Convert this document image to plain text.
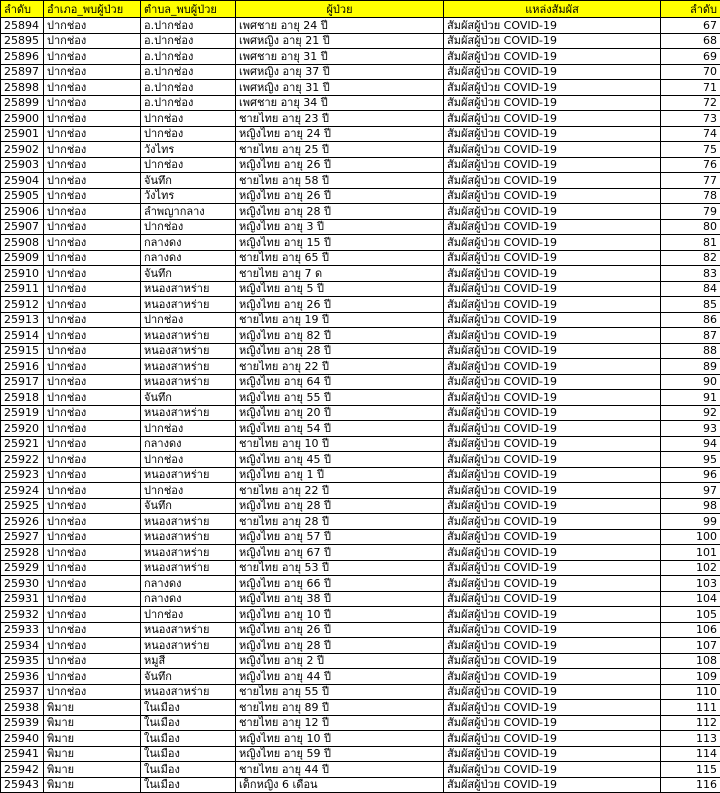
ลำดับ	อำเภอ_พบผู้ป่วย	ตำบล_พบผู้ป่วย	ผู้ป่วย	แหล่งสัมผัส	ลำดับ
25894	ปากช่อง	อ.ปากช่อง	เพศชาย อายุ 24 ปี	สัมผัสผู้ป่วย COVID-19	67
25895	ปากช่อง	อ.ปากช่อง	เพศหญิง อายุ 21 ปี	สัมผัสผู้ป่วย COVID-19	68
25896	ปากช่อง	อ.ปากช่อง	เพศชาย อายุ 31 ปี	สัมผัสผู้ป่วย COVID-19	69
25897	ปากช่อง	อ.ปากช่อง	เพศหญิง อายุ 37 ปี	สัมผัสผู้ป่วย COVID-19	70
25898	ปากช่อง	อ.ปากช่อง	เพศหญิง อายุ 31 ปี	สัมผัสผู้ป่วย COVID-19	71
25899	ปากช่อง	อ.ปากช่อง	เพศชาย อายุ 34 ปี	สัมผัสผู้ป่วย COVID-19	72
25900	ปากช่อง	ปากช่อง	ชายไทย อายุ 23 ปี	สัมผัสผู้ป่วย COVID-19	73
25901	ปากช่อง	ปากช่อง	หญิงไทย อายุ 24 ปี	สัมผัสผู้ป่วย COVID-19	74
25902	ปากช่อง	วังไทร	ชายไทย อายุ 25 ปี	สัมผัสผู้ป่วย COVID-19	75
25903	ปากช่อง	ปากช่อง	หญิงไทย อายุ 26 ปี	สัมผัสผู้ป่วย COVID-19	76
25904	ปากช่อง	จันทึก	ชายไทย อายุ 58 ปี	สัมผัสผู้ป่วย COVID-19	77
25905	ปากช่อง	วังไทร	หญิงไทย อายุ 26 ปี	สัมผัสผู้ป่วย COVID-19	78
25906	ปากช่อง	ลำพญากลาง	หญิงไทย อายุ 28 ปี	สัมผัสผู้ป่วย COVID-19	79
25907	ปากช่อง	ปากช่อง	หญิงไทย อายุ 3 ปี	สัมผัสผู้ป่วย COVID-19	80
25908	ปากช่อง	กลางดง	หญิงไทย อายุ 15 ปี	สัมผัสผู้ป่วย COVID-19	81
25909	ปากช่อง	กลางดง	ชายไทย อายุ 65 ปี	สัมผัสผู้ป่วย COVID-19	82
25910	ปากช่อง	จันทึก	ชายไทย อายุ 7 ด	สัมผัสผู้ป่วย COVID-19	83
25911	ปากช่อง	หนองสาหร่าย	หญิงไทย อายุ 5 ปี	สัมผัสผู้ป่วย COVID-19	84
25912	ปากช่อง	หนองสาหร่าย	หญิงไทย อายุ 26 ปี	สัมผัสผู้ป่วย COVID-19	85
25913	ปากช่อง	ปากช่อง	ชายไทย อายุ 19 ปี	สัมผัสผู้ป่วย COVID-19	86
25914	ปากช่อง	หนองสาหร่าย	หญิงไทย อายุ 82 ปี	สัมผัสผู้ป่วย COVID-19	87
25915	ปากช่อง	หนองสาหร่าย	หญิงไทย อายุ 28 ปี	สัมผัสผู้ป่วย COVID-19	88
25916	ปากช่อง	หนองสาหร่าย	ชายไทย อายุ 22 ปี	สัมผัสผู้ป่วย COVID-19	89
25917	ปากช่อง	หนองสาหร่าย	หญิงไทย อายุ 64 ปี	สัมผัสผู้ป่วย COVID-19	90
25918	ปากช่อง	จันทึก	หญิงไทย อายุ 55 ปี	สัมผัสผู้ป่วย COVID-19	91
25919	ปากช่อง	หนองสาหร่าย	หญิงไทย อายุ 20 ปี	สัมผัสผู้ป่วย COVID-19	92
25920	ปากช่อง	ปากช่อง	หญิงไทย อายุ 54 ปี	สัมผัสผู้ป่วย COVID-19	93
25921	ปากช่อง	กลางดง	ชายไทย อายุ 10 ปี	สัมผัสผู้ป่วย COVID-19	94
25922	ปากช่อง	ปากช่อง	หญิงไทย อายุ 45 ปี	สัมผัสผู้ป่วย COVID-19	95
25923	ปากช่อง	หนองสาหร่าย	หญิงไทย อายุ 1 ปี	สัมผัสผู้ป่วย COVID-19	96
25924	ปากช่อง	ปากช่อง	ชายไทย อายุ 22 ปี	สัมผัสผู้ป่วย COVID-19	97
25925	ปากช่อง	จันทึก	หญิงไทย อายุ 28 ปี	สัมผัสผู้ป่วย COVID-19	98
25926	ปากช่อง	หนองสาหร่าย	ชายไทย อายุ 28 ปี	สัมผัสผู้ป่วย COVID-19	99
25927	ปากช่อง	หนองสาหร่าย	หญิงไทย อายุ 57 ปี	สัมผัสผู้ป่วย COVID-19	100
25928	ปากช่อง	หนองสาหร่าย	หญิงไทย อายุ 67 ปี	สัมผัสผู้ป่วย COVID-19	101
25929	ปากช่อง	หนองสาหร่าย	ชายไทย อายุ 53 ปี	สัมผัสผู้ป่วย COVID-19	102
25930	ปากช่อง	กลางดง	หญิงไทย อายุ 66 ปี	สัมผัสผู้ป่วย COVID-19	103
25931	ปากช่อง	กลางดง	หญิงไทย อายุ 38 ปี	สัมผัสผู้ป่วย COVID-19	104
25932	ปากช่อง	ปากช่อง	หญิงไทย อายุ 10 ปี	สัมผัสผู้ป่วย COVID-19	105
25933	ปากช่อง	หนองสาหร่าย	หญิงไทย อายุ 26 ปี	สัมผัสผู้ป่วย COVID-19	106
25934	ปากช่อง	หนองสาหร่าย	หญิงไทย อายุ 28 ปี	สัมผัสผู้ป่วย COVID-19	107
25935	ปากช่อง	หมูสี	หญิงไทย อายุ 2 ปี	สัมผัสผู้ป่วย COVID-19	108
25936	ปากช่อง	จันทึก	หญิงไทย อายุ 44 ปี	สัมผัสผู้ป่วย COVID-19	109
25937	ปากช่อง	หนองสาหร่าย	ชายไทย อายุ 55 ปี	สัมผัสผู้ป่วย COVID-19	110
25938	พิมาย	ในเมือง	ชายไทย อายุ 89 ปี	สัมผัสผู้ป่วย COVID-19	111
25939	พิมาย	ในเมือง	ชายไทย อายุ 12 ปี	สัมผัสผู้ป่วย COVID-19	112
25940	พิมาย	ในเมือง	หญิงไทย อายุ 10 ปี	สัมผัสผู้ป่วย COVID-19	113
25941	พิมาย	ในเมือง	หญิงไทย อายุ 59 ปี	สัมผัสผู้ป่วย COVID-19	114
25942	พิมาย	ในเมือง	ชายไทย อายุ 44 ปี	สัมผัสผู้ป่วย COVID-19	115
25943	พิมาย	ในเมือง	เด็กหญิง 6 เดือน	สัมผัสผู้ป่วย COVID-19	116
